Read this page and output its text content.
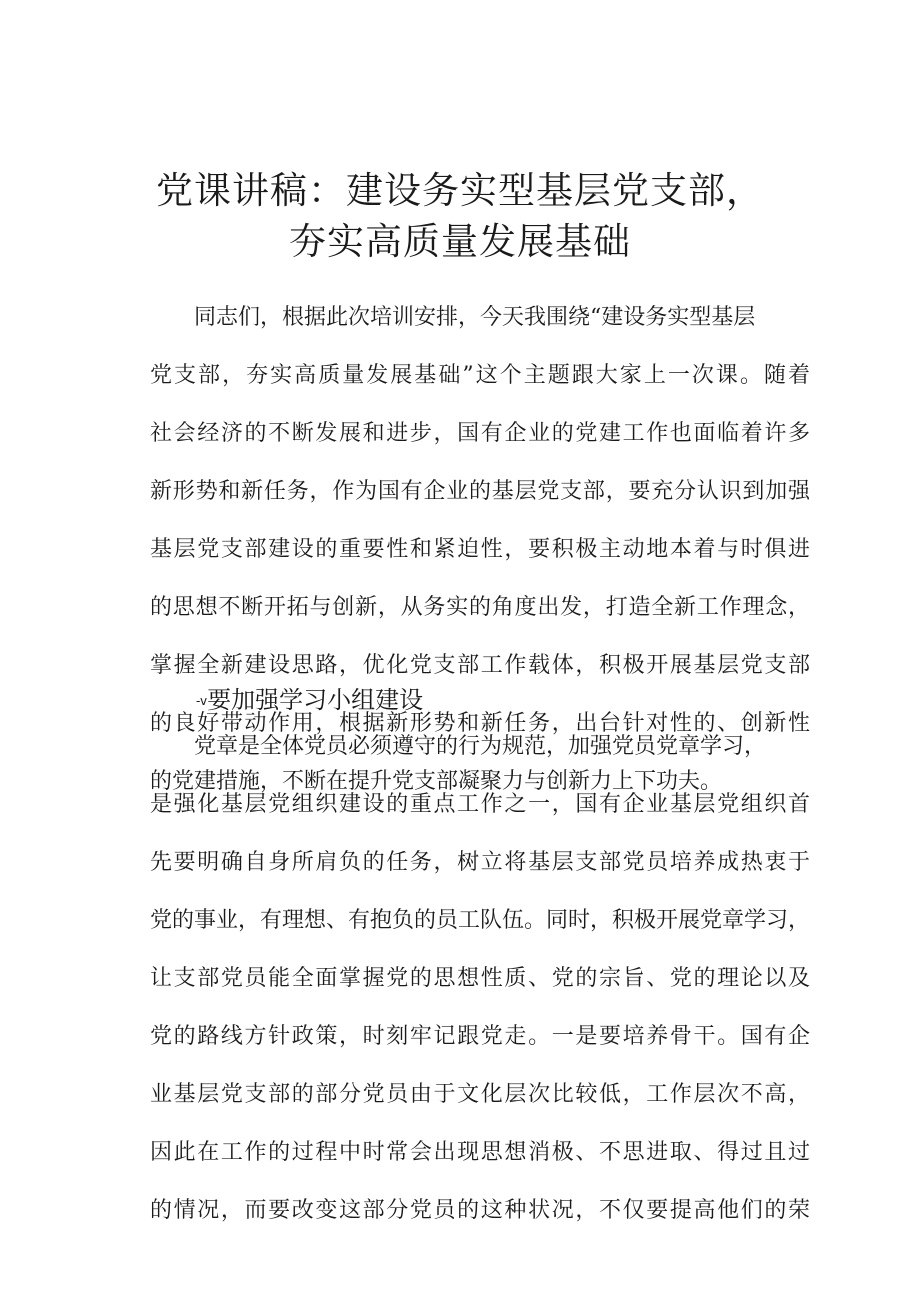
党课讲稿：建设务实型基层党支部，
夯实高质量发展基础
同志们，根据此次培训安排，今天我围绕“建设务实型基层
党支部，夯实高质量发展基础”这个主题跟大家上一次课。随着
社会经济的不断发展和进步，国有企业的党建工作也面临着许多
新形势和新任务，作为国有企业的基层党支部，要充分认识到加强
基层党支部建设的重要性和紧迫性，要积极主动地本着与时俱进
的思想不断开拓与创新，从务实的角度出发，打造全新工作理念，
掌握全新建设思路，优化党支部工作载体，积极开展基层党支部
的良好带动作用，根据新形势和新任务，出台针对性的、创新性
的党建措施，不断在提升党支部凝聚力与创新力上下功夫。
-v要加强学习小组建设
党章是全体党员必须遵守的行为规范，加强党员党章学习，
是强化基层党组织建设的重点工作之一，国有企业基层党组织首
先要明确自身所肩负的任务，树立将基层支部党员培养成热衷于
党的事业，有理想、有抱负的员工队伍。同时，积极开展党章学习，
让支部党员能全面掌握党的思想性质、党的宗旨、党的理论以及
党的路线方针政策，时刻牢记跟党走。一是要培养骨干。国有企
业基层党支部的部分党员由于文化层次比较低，工作层次不高，
因此在工作的过程中时常会出现思想消极、不思进取、得过且过
的情况，而要改变这部分党员的这种状况，不仅要提高他们的荣
